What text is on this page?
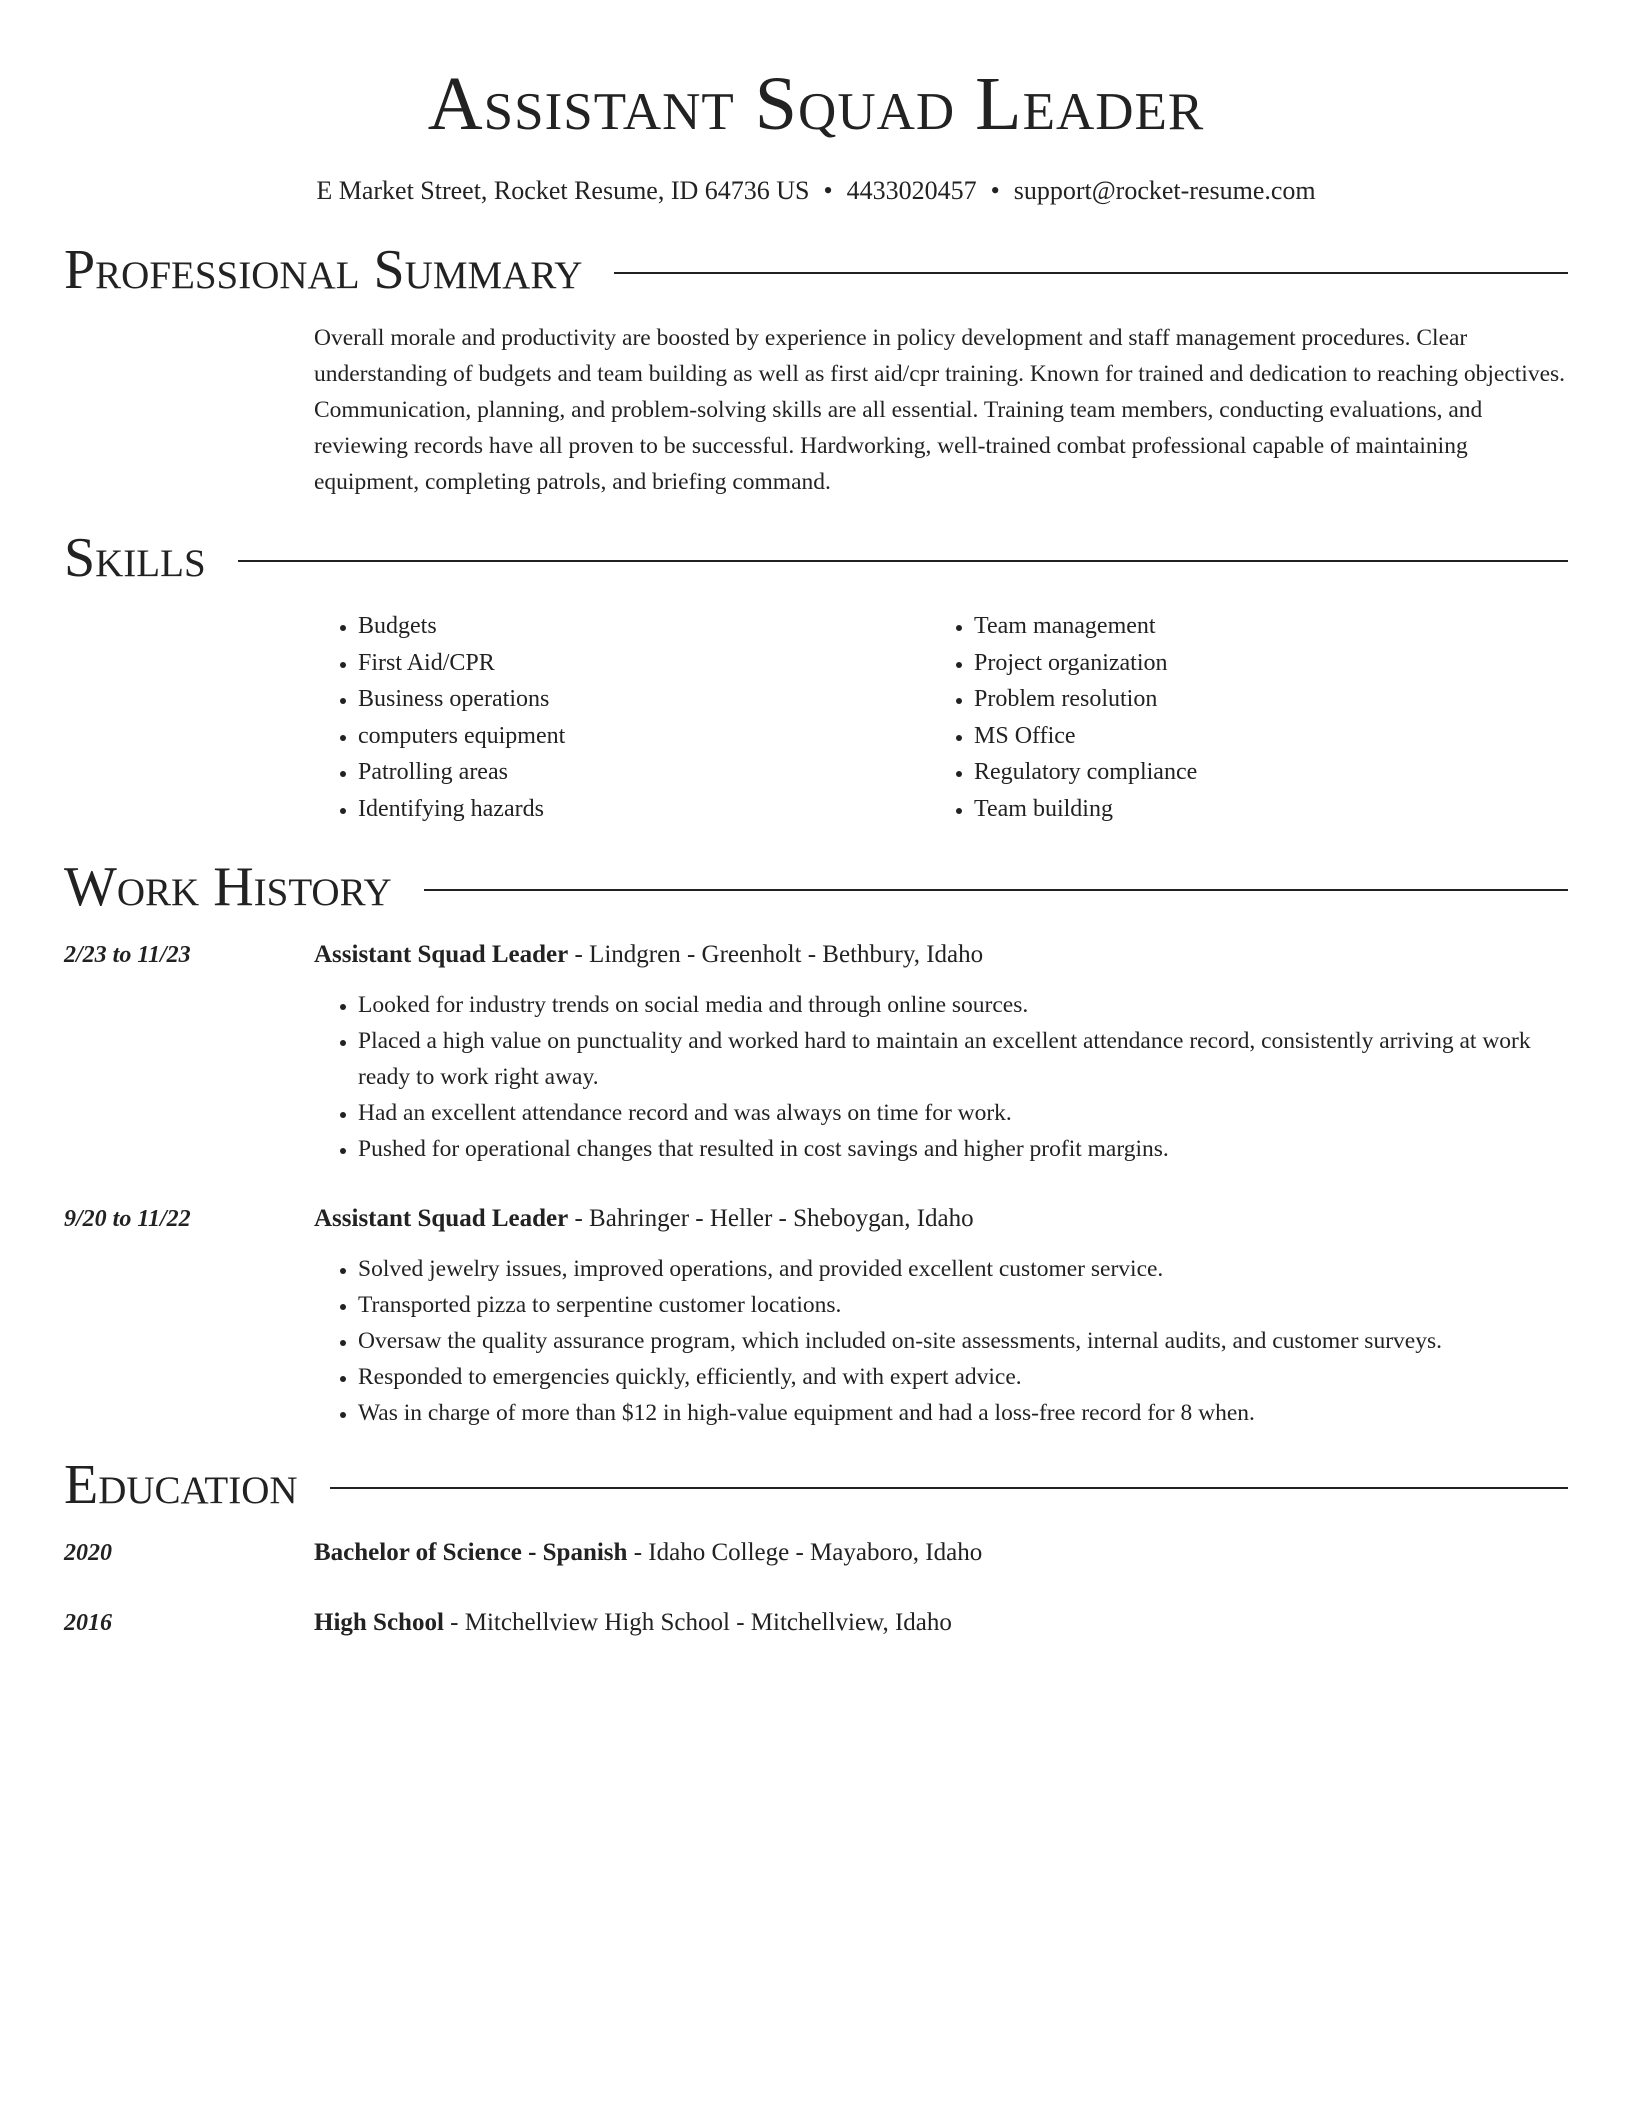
Assistant Squad Leader
E Market Street, Rocket Resume, ID 64736 US • 4433020457 • support@rocket-resume.com
Professional Summary
Overall morale and productivity are boosted by experience in policy development and staff management procedures. Clear understanding of budgets and team building as well as first aid/cpr training. Known for trained and dedication to reaching objectives. Communication, planning, and problem-solving skills are all essential. Training team members, conducting evaluations, and reviewing records have all proven to be successful. Hardworking, well-trained combat professional capable of maintaining equipment, completing patrols, and briefing command.
Skills
• Budgets
• First Aid/CPR
• Business operations
• computers equipment
• Patrolling areas
• Identifying hazards
• Team management
• Project organization
• Problem resolution
• MS Office
• Regulatory compliance
• Team building
Work History
2/23 to 11/23	Assistant Squad Leader - Lindgren - Greenholt - Bethbury, Idaho
• Looked for industry trends on social media and through online sources.
• Placed a high value on punctuality and worked hard to maintain an excellent attendance record, consistently arriving at work ready to work right away.
• Had an excellent attendance record and was always on time for work.
• Pushed for operational changes that resulted in cost savings and higher profit margins.
9/20 to 11/22	Assistant Squad Leader - Bahringer - Heller - Sheboygan, Idaho
• Solved jewelry issues, improved operations, and provided excellent customer service.
• Transported pizza to serpentine customer locations.
• Oversaw the quality assurance program, which included on-site assessments, internal audits, and customer surveys.
• Responded to emergencies quickly, efficiently, and with expert advice.
• Was in charge of more than $12 in high-value equipment and had a loss-free record for 8 when.
Education
2020	Bachelor of Science - Spanish - Idaho College - Mayaboro, Idaho
2016	High School - Mitchellview High School - Mitchellview, Idaho
